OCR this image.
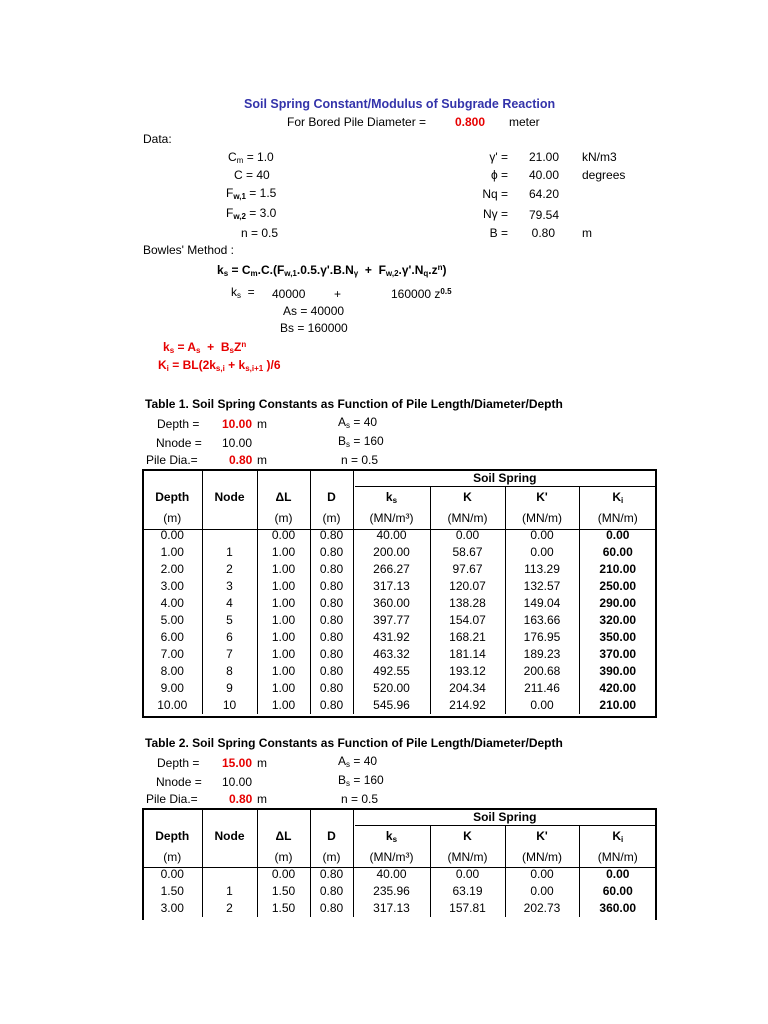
Soil Spring Constant/Modulus of Subgrade Reaction
For Bored Pile Diameter = 0.800 meter
Data:
$C_m = 1.0$
C = 40
$F_{w,1} = 1.5$
$F_{w,2} = 3.0$
n = 0.5
γ' =	21.00 kN/m3
ϕ =	40.00 degrees
Nq =	64.20
Nγ =	79.54
B =	0.80 m
Bowles' Method :
$k_s = C_m.C.(F_{w,1}.0.5.\gamma'.B.N_\gamma + F_{w,2}.\gamma'.N_q.z^n)$
$k_s = 40000$ +	160000 $z^{0.5}$
As = 40000
Bs = 160000
$k_s = A_s + B_sZ^n$
$K_i = BL(2k_{s,i} + k_{s,i+1}$ )/6
Table 1. Soil Spring Constants as Function of Pile Length/Diameter/Depth
Depth = 10.00 m
Nnode = 10.00
Pile Dia.=	0.80 m
$A_s = 40$
$B_s = 160$
n = 0.5
				Soil Spring			
Depth	Node	ΔL	D	$k_s$	K	K'	$K_i$
(m)		(m)	(m)	(MN/m³)	(MN/m)	(MN/m)	(MN/m)
0.00		0.00	0.80	40.00	0.00	0.00	0.00
1.00	1	1.00	0.80	200.00	58.67	0.00	60.00
2.00	2	1.00	0.80	266.27	97.67	113.29	210.00
3.00	3	1.00	0.80	317.13	120.07	132.57	250.00
4.00	4	1.00	0.80	360.00	138.28	149.04	290.00
5.00	5	1.00	0.80	397.77	154.07	163.66	320.00
6.00	6	1.00	0.80	431.92	168.21	176.95	350.00
7.00	7	1.00	0.80	463.32	181.14	189.23	370.00
8.00	8	1.00	0.80	492.55	193.12	200.68	390.00
9.00	9	1.00	0.80	520.00	204.34	211.46	420.00
10.00	10	1.00	0.80	545.96	214.92	0.00	210.00
Table 2. Soil Spring Constants as Function of Pile Length/Diameter/Depth
Depth = 15.00 m
Nnode = 10.00
Pile Dia.=	0.80 m
$A_s = 40$
$B_s = 160$
n = 0.5
				Soil Spring			
Depth	Node	ΔL	D	$k_s$	K	K'	$K_i$
(m)		(m)	(m)	(MN/m³)	(MN/m)	(MN/m)	(MN/m)
0.00		0.00	0.80	40.00	0.00	0.00	0.00
1.50	1	1.50	0.80	235.96	63.19	0.00	60.00
3.00	2	1.50	0.80	317.13	157.81	202.73	360.00
